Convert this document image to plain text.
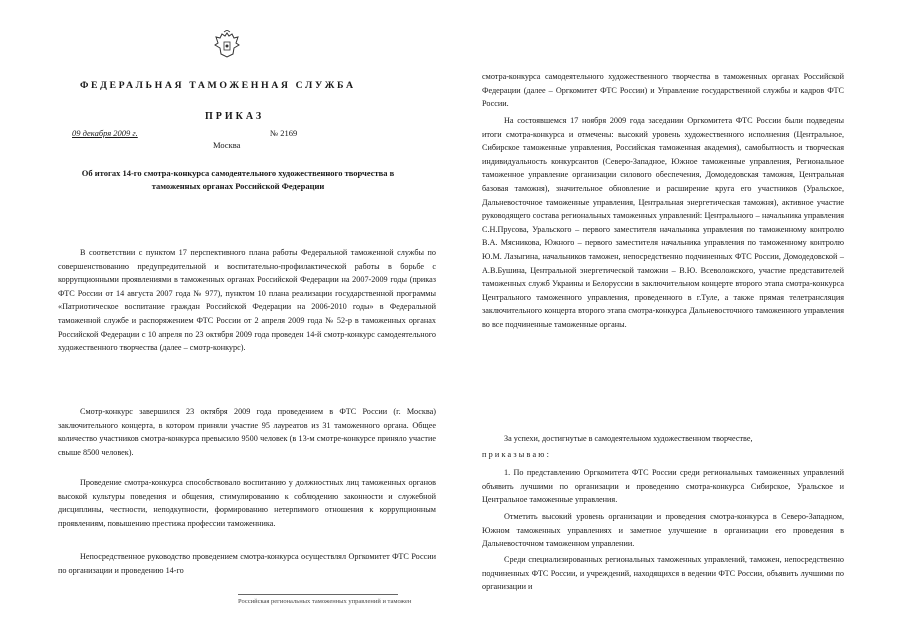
ФЕДЕРАЛЬНАЯ ТАМОЖЕННАЯ СЛУЖБА
ПРИКАЗ
09 декабря 2009 г.	№ 2169
Москва
Об итогах 14-го смотра-конкурса самодеятельного художественного творчества в таможенных органах Российской Федерации

В соответствии с пунктом 17 перспективного плана работы Федеральной таможенной службы по совершенствованию предупредительной и воспитательно-профилактической работы в борьбе с коррупционными проявлениями в таможенных органах Российской Федерации на 2007-2009 годы (приказ ФТС России от 14 августа 2007 года № 977), пунктом 10 плана реализации государственной программы «Патриотическое воспитание граждан Российской Федерации на 2006-2010 годы» в Федеральной таможенной службе и распоряжением ФТС России от 2 апреля 2009 года № 52-р в таможенных органах Российской Федерации с 10 апреля по 23 октября 2009 года проведен 14-й смотр-конкурс самодеятельного художественного творчества (далее – смотр-конкурс).

Смотр-конкурс завершился 23 октября 2009 года проведением в ФТС России (г. Москва) заключительного концерта, в котором приняли участие 95 лауреатов из 31 таможенного органа. Общее количество участников смотра-конкурса превысило 9500 человек (в 13-м смотре-конкурсе приняло участие свыше 8500 человек).

Проведение смотра-конкурса способствовало воспитанию у должностных лиц таможенных органов высокой культуры поведения и общения, стимулированию к соблюдению законности и служебной дисциплины, честности, неподкупности, формированию нетерпимого отношения к коррупционным проявлениям, повышению престижа профессии таможенника.

Непосредственное руководство проведением смотра-конкурса осуществлял Оргкомитет ФТС России по организации и проведению 14-го

Российская региональных таможенных управлений и таможен

смотра-конкурса самодеятельного художественного творчества в таможенных органах Российской Федерации (далее – Оргкомитет ФТС России) и Управление государственной службы и кадров ФТС России.

На состоявшемся 17 ноября 2009 года заседании Оргкомитета ФТС России были подведены итоги смотра-конкурса и отмечены: высокий уровень художественного исполнения (Центральное, Сибирское таможенные управления, Российская таможенная академия), самобытность и творческая индивидуальность конкурсантов (Северо-Западное, Южное таможенные управления, Региональное таможенное управление организации силового обеспечения, Домодедовская таможня, Центральная базовая таможня), значительное обновление и расширение круга его участников (Уральское, Дальневосточное таможенные управления, Центральная энергетическая таможня), активное участие руководящего состава региональных таможенных управлений: Центрального – начальника управления С.Н.Прусова, Уральского – первого заместителя начальника управления по таможенному контролю В.А. Мясникова, Южного – первого заместителя начальника управления по таможенному контролю Ю.М. Лазыгина, начальников таможен, непосредственно подчиненных ФТС России, Домодедовской – А.В.Бушина, Центральной энергетической таможни – В.Ю. Всеволожского, участие представителей таможенных служб Украины и Белоруссии в заключительном концерте второго этапа смотра-конкурса Центрального таможенного управления, проведенного в г.Туле, а также прямая телетрансляция заключительного концерта второго этапа смотра-конкурса Дальневосточного таможенного управления во все подчиненные таможенные органы.

За успехи, достигнутые в самодеятельном художественном творчестве,

приказываю:

1. По представлению Оргкомитета ФТС России среди региональных таможенных управлений объявить лучшими по организации и проведению смотра-конкурса Сибирское, Уральское и Центральное таможенные управления.

Отметить высокий уровень организации и проведения смотра-конкурса в Северо-Западном, Южном таможенных управлениях и заметное улучшение в организации его проведения в Дальневосточном таможенном управлении.

Среди специализированных региональных таможенных управлений, таможен, непосредственно подчиненных ФТС России, и учреждений, находящихся в ведении ФТС России, объявить лучшими по организации и
